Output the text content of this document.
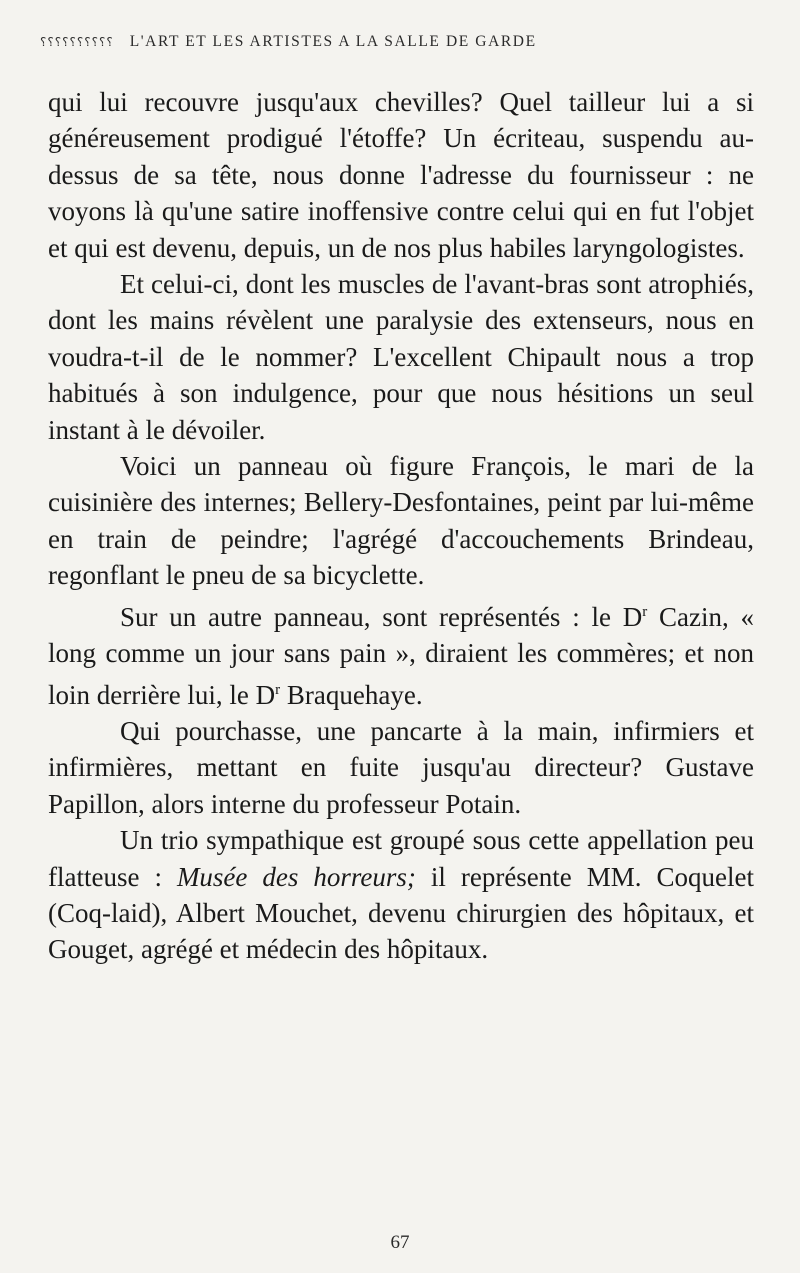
⸮⸮⸮⸮⸮⸮⸮⸮⸮⸮ L'ART ET LES ARTISTES A LA SALLE DE GARDE

qui lui recouvre jusqu'aux chevilles? Quel tailleur lui a si généreusement prodigué l'étoffe? Un écriteau, suspendu au-dessus de sa tête, nous donne l'adresse du fournisseur : ne voyons là qu'une satire inoffensive contre celui qui en fut l'objet et qui est devenu, depuis, un de nos plus habiles laryngologistes.

Et celui-ci, dont les muscles de l'avant-bras sont atrophiés, dont les mains révèlent une paralysie des extenseurs, nous en voudra-t-il de le nommer? L'excellent Chipault nous a trop habitués à son indulgence, pour que nous hésitions un seul instant à le dévoiler.

Voici un panneau où figure François, le mari de la cuisinière des internes; Bellery-Desfontaines, peint par lui-même en train de peindre; l'agrégé d'accouchements Brindeau, regonflant le pneu de sa bicyclette.

Sur un autre panneau, sont représentés : le $D^r$ Cazin, « long comme un jour sans pain », diraient les commères; et non loin derrière lui, le $D^r$ Braquehaye.

Qui pourchasse, une pancarte à la main, infirmiers et infirmières, mettant en fuite jusqu'au directeur? Gustave Papillon, alors interne du professeur Potain.

Un trio sympathique est groupé sous cette appellation peu flatteuse : Musée des horreurs; il représente MM. Coquelet (Coq-laid), Albert Mouchet, devenu chirurgien des hôpitaux, et Gouget, agrégé et médecin des hôpitaux.

67
